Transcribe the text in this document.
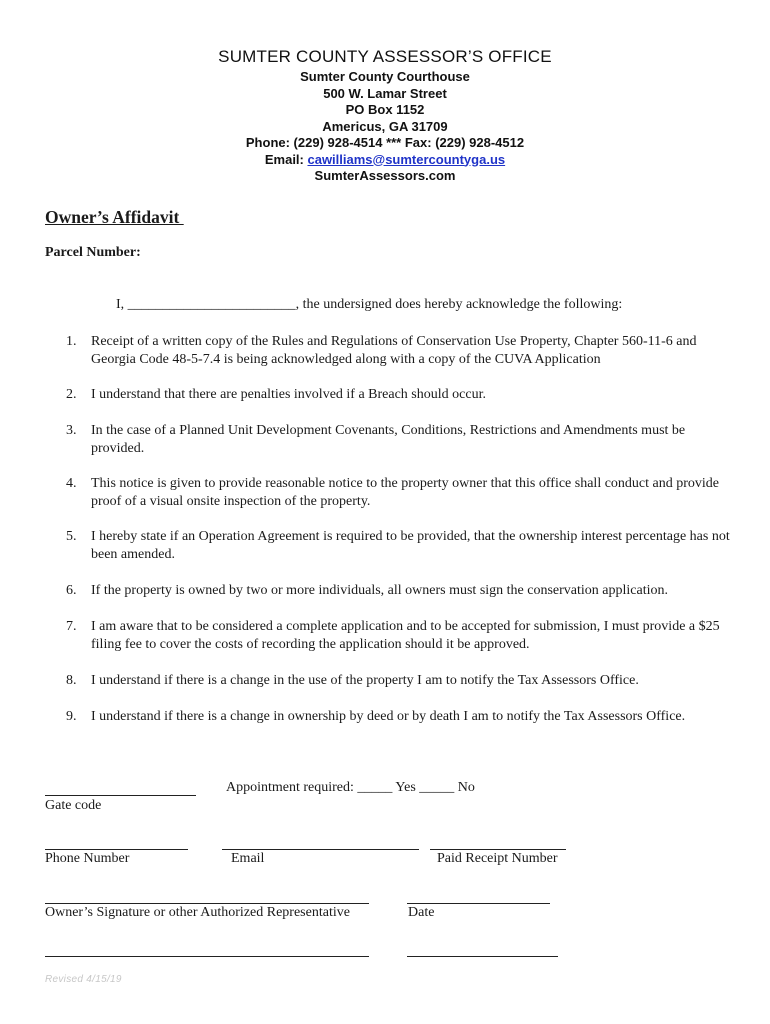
SUMTER COUNTY ASSESSOR’S OFFICE
Sumter County Courthouse
500 W. Lamar Street
PO Box 1152
Americus, GA 31709
Phone: (229) 928-4514 *** Fax: (229) 928-4512
Email: cawilliams@sumtercountyga.us
SumterAssessors.com
Owner’s Affidavit
Parcel Number:
I, ________________________, the undersigned does hereby acknowledge the following:
1. Receipt of a written copy of the Rules and Regulations of Conservation Use Property, Chapter 560-11-6 and Georgia Code 48-5-7.4 is being acknowledged along with a copy of the CUVA Application
2. I understand that there are penalties involved if a Breach should occur.
3. In the case of a Planned Unit Development Covenants, Conditions, Restrictions and Amendments must be provided.
4. This notice is given to provide reasonable notice to the property owner that this office shall conduct and provide proof of a visual onsite inspection of the property.
5. I hereby state if an Operation Agreement is required to be provided, that the ownership interest percentage has not been amended.
6. If the property is owned by two or more individuals, all owners must sign the conservation application.
7. I am aware that to be considered a complete application and to be accepted for submission, I must provide a $25 filing fee to cover the costs of recording the application should it be approved.
8. I understand if there is a change in the use of the property I am to notify the Tax Assessors Office.
9. I understand if there is a change in ownership by deed or by death I am to notify the Tax Assessors Office.
Appointment required: _____ Yes _____ No
Gate code
Phone Number	Email	Paid Receipt Number
Owner’s Signature or other Authorized Representative	Date
Revised 4/15/19
